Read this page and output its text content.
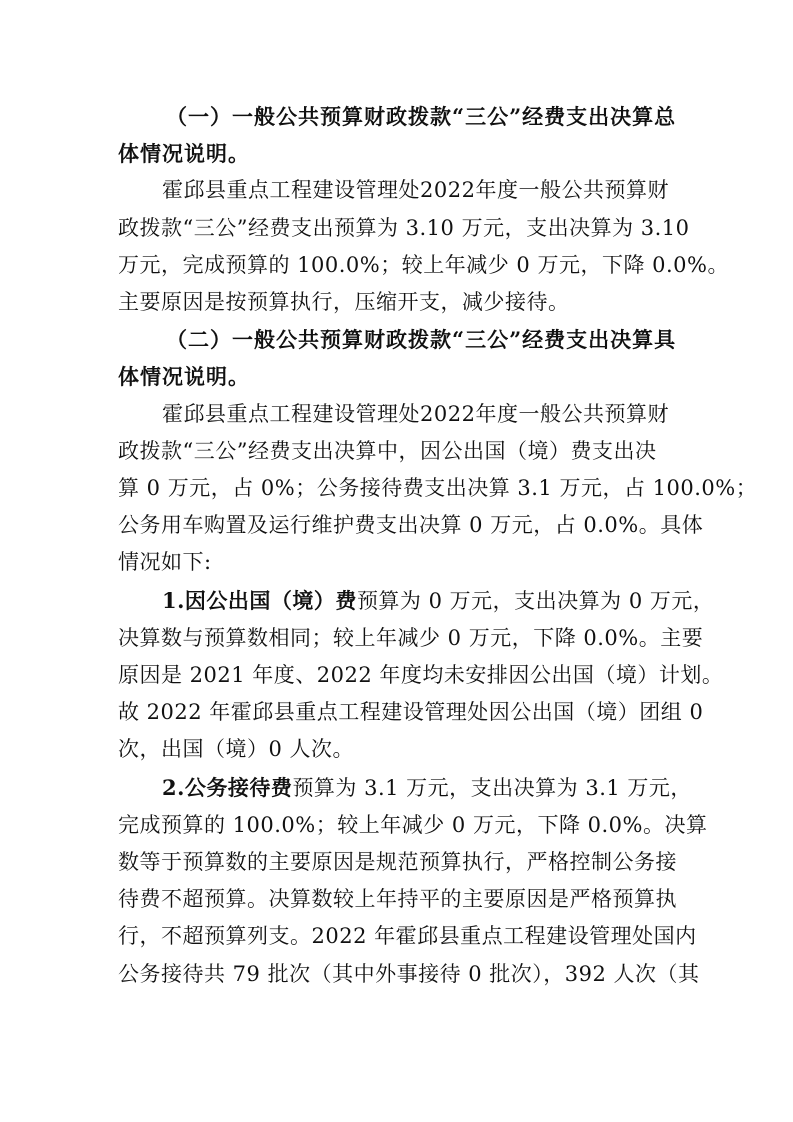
（一）一般公共预算财政拨款“三公”经费支出决算总
体情况说明。
霍邱县重点工程建设管理处2022年度一般公共预算财
政拨款“三公”经费支出预算为 3.10 万元，支出决算为 3.10
万元，完成预算的 100.0%；较上年减少 0 万元，下降 0.0%。
主要原因是按预算执行，压缩开支，减少接待。
（二）一般公共预算财政拨款“三公”经费支出决算具
体情况说明。
霍邱县重点工程建设管理处2022年度一般公共预算财
政拨款“三公”经费支出决算中，因公出国（境）费支出决
算 0 万元，占 0%；公务接待费支出决算 3.1 万元，占 100.0%；
公务用车购置及运行维护费支出决算 0 万元，占 0.0%。具体
情况如下:
1.因公出国（境）费预算为 0 万元，支出决算为 0 万元，
决算数与预算数相同；较上年减少 0 万元，下降 0.0%。主要
原因是 2021 年度、2022 年度均未安排因公出国（境）计划。
故 2022 年霍邱县重点工程建设管理处因公出国（境）团组 0
次，出国（境）0 人次。
2.公务接待费预算为 3.1 万元，支出决算为 3.1 万元，
完成预算的 100.0%；较上年减少 0 万元，下降 0.0%。决算
数等于预算数的主要原因是规范预算执行，严格控制公务接
待费不超预算。决算数较上年持平的主要原因是严格预算执
行，不超预算列支。2022 年霍邱县重点工程建设管理处国内
公务接待共 79 批次（其中外事接待 0 批次），392 人次（其
